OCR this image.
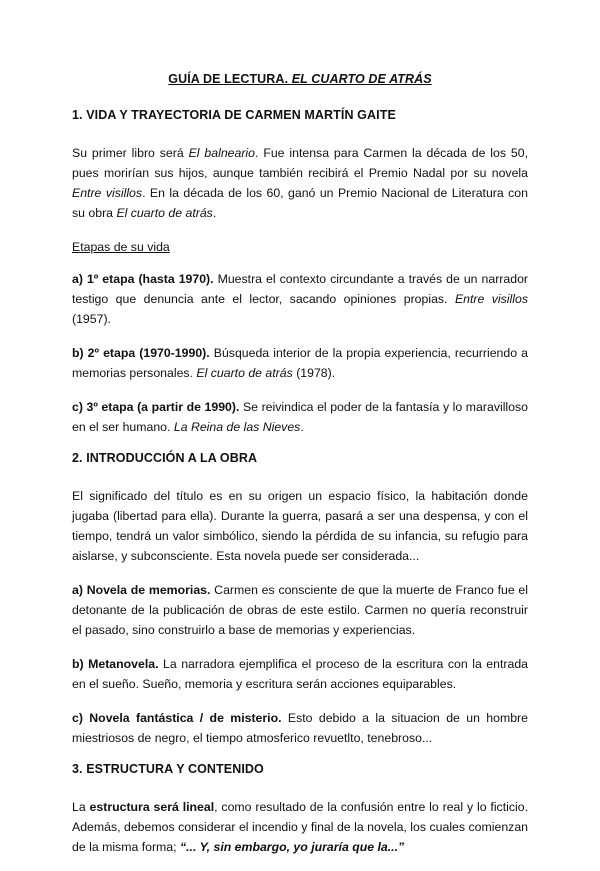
GUÍA DE LECTURA. EL CUARTO DE ATRÁS
1. VIDA Y TRAYECTORIA DE CARMEN MARTÍN GAITE

Su primer libro será El balneario. Fue intensa para Carmen la década de los 50, pues morirían sus hijos, aunque también recibirá el Premio Nadal por su novela Entre visillos. En la década de los 60, ganó un Premio Nacional de Literatura con su obra El cuarto de atrás.

Etapas de su vida

a) 1º etapa (hasta 1970). Muestra el contexto circundante a través de un narrador testigo que denuncia ante el lector, sacando opiniones propias. Entre visillos (1957).

b) 2º etapa (1970-1990). Búsqueda interior de la propia experiencia, recurriendo a memorias personales. El cuarto de atrás (1978).

c) 3º etapa (a partir de 1990). Se reivindica el poder de la fantasía y lo maravilloso en el ser humano. La Reina de las Nieves.

2. INTRODUCCIÓN A LA OBRA

El significado del título es en su origen un espacio físico, la habitación donde jugaba (libertad para ella). Durante la guerra, pasará a ser una despensa, y con el tiempo, tendrá un valor simbólico, siendo la pérdida de su infancia, su refugio para aislarse, y subconsciente. Esta novela puede ser considerada...

a) Novela de memorias. Carmen es consciente de que la muerte de Franco fue el detonante de la publicación de obras de este estilo. Carmen no quería reconstruir el pasado, sino construirlo a base de memorias y experiencias.

b) Metanovela. La narradora ejemplifica el proceso de la escritura con la entrada en el sueño. Sueño, memoria y escritura serán acciones equiparables.

c) Novela fantástica / de misterio. Esto debido a la situacion de un hombre miestriosos de negro, el tiempo atmosferico revuetlto, tenebroso...

3. ESTRUCTURA Y CONTENIDO

La estructura será lineal, como resultado de la confusión entre lo real y lo ficticio. Además, debemos considerar el incendio y final de la novela, los cuales comienzan de la misma forma; “... Y, sin embargo, yo juraría que la...”
